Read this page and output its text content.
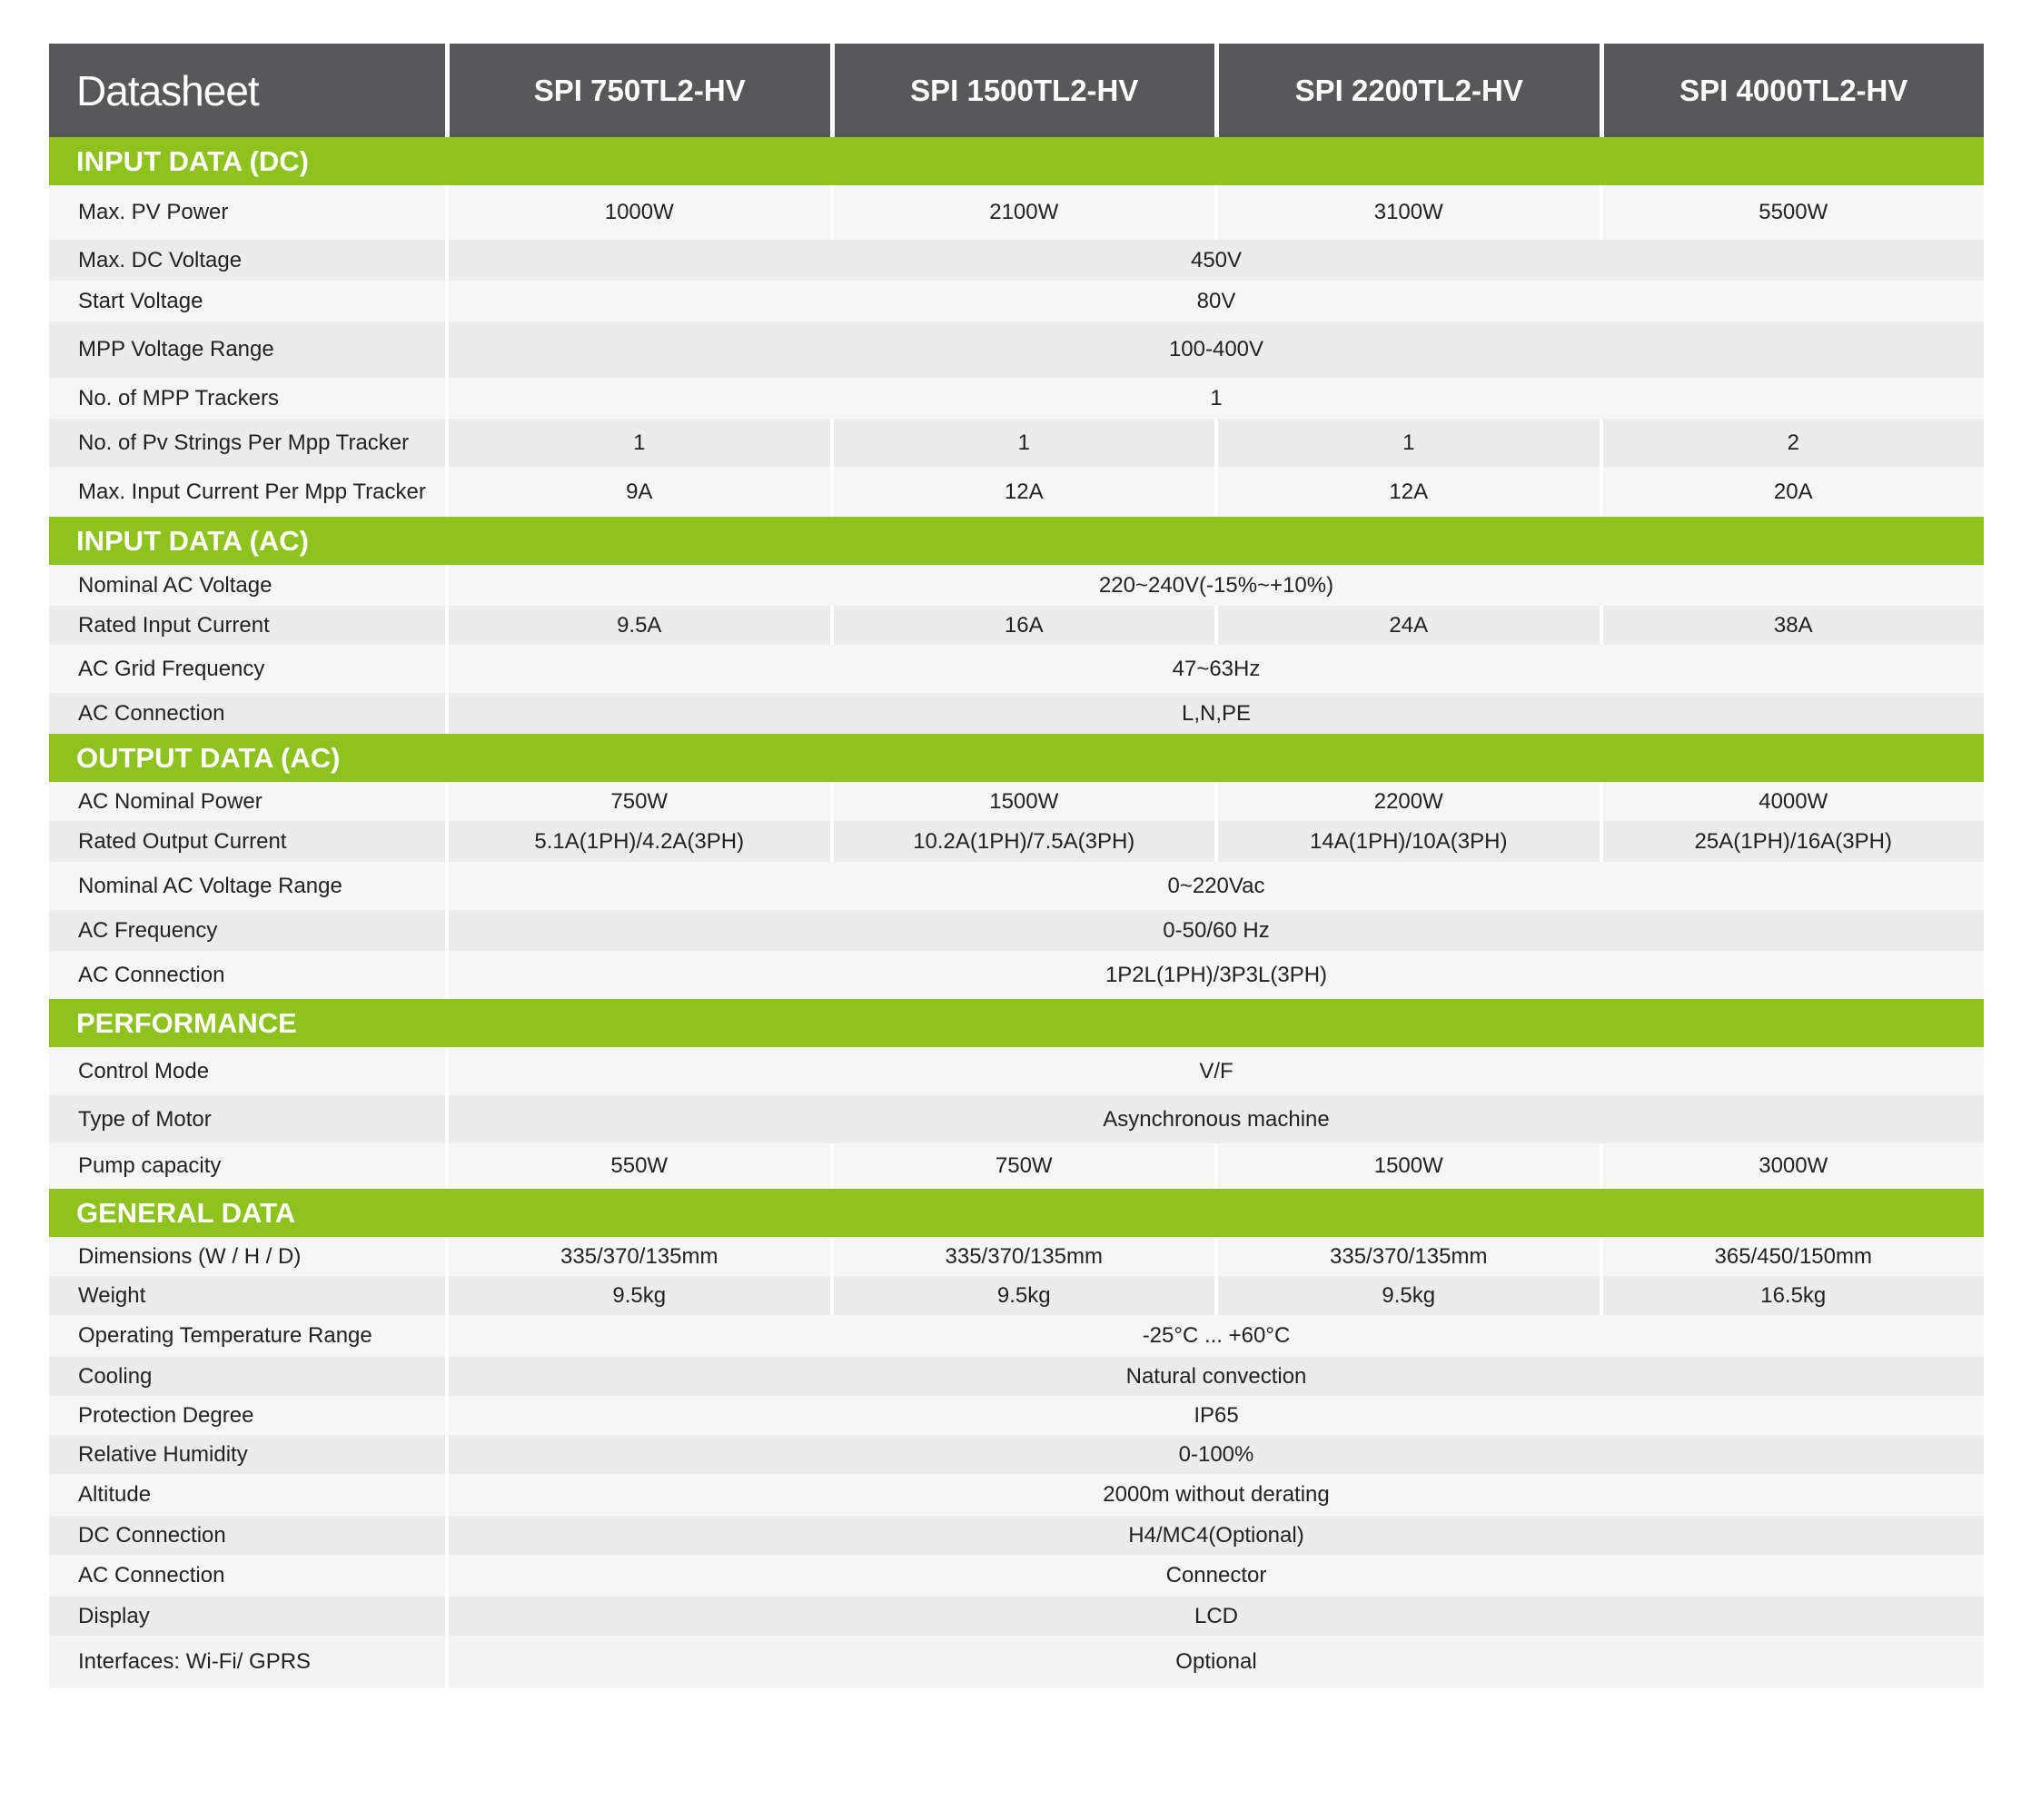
Datasheet	SPI 750TL2-HV	SPI 1500TL2-HV	SPI 2200TL2-HV	SPI 4000TL2-HV
INPUT DATA (DC)				
Max. PV Power	1000W	2100W	3100W	5500W
Max. DC Voltage	450V			
Start Voltage	80V			
MPP Voltage Range	100-400V			
No. of MPP Trackers	1			
No. of Pv Strings Per Mpp Tracker	1	1	1	2
Max. Input Current Per Mpp Tracker	9A	12A	12A	20A
INPUT DATA (AC)				
Nominal AC Voltage	220~240V(-15%~+10%)			
Rated Input Current	9.5A	16A	24A	38A
AC Grid Frequency	47~63Hz			
AC Connection	L,N,PE			
OUTPUT DATA (AC)				
AC Nominal Power	750W	1500W	2200W	4000W
Rated Output Current	5.1A(1PH)/4.2A(3PH)	10.2A(1PH)/7.5A(3PH)	14A(1PH)/10A(3PH)	25A(1PH)/16A(3PH)
Nominal AC Voltage Range	0~220Vac			
AC Frequency	0-50/60 Hz			
AC Connection	1P2L(1PH)/3P3L(3PH)			
PERFORMANCE				
Control Mode	V/F			
Type of Motor	Asynchronous machine			
Pump capacity	550W	750W	1500W	3000W
GENERAL DATA				
Dimensions (W / H / D)	335/370/135mm	335/370/135mm	335/370/135mm	365/450/150mm
Weight	9.5kg	9.5kg	9.5kg	16.5kg
Operating Temperature Range	-25°C ... +60°C			
Cooling	Natural convection			
Protection Degree	IP65			
Relative Humidity	0-100%			
Altitude	2000m without derating			
DC Connection	H4/MC4(Optional)			
AC Connection	Connector			
Display	LCD			
Interfaces: Wi-Fi/ GPRS	Optional			
